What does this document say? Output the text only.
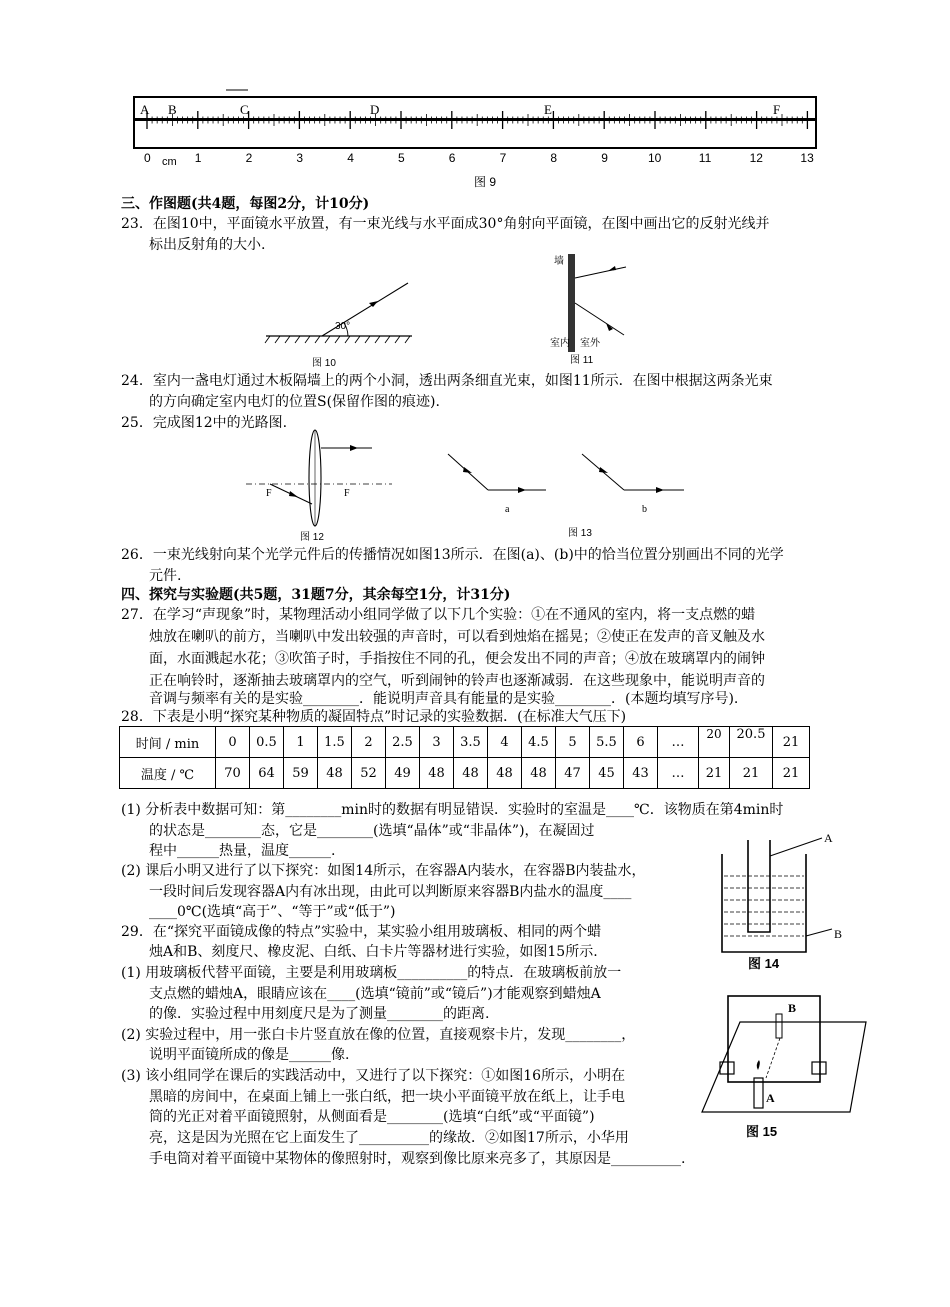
A B	C	D	E	F
0	1	2	3	4	5	6	7	8	9	10	11	12	13
cm
图 9
三、作图题(共4题，每图2分，计10分)
23．在图10中，平面镜水平放置，有一束光线与水平面成30°角射向平面镜，在图中画出它的反射光线并
标出反射角的大小.
30°
图 10
墙
室内 室外
图 11
24．室内一盏电灯通过木板隔墙上的两个小洞，透出两条细直光束，如图11所示．在图中根据这两条光束
的方向确定室内电灯的位置S(保留作图的痕迹).
25．完成图12中的光路图.
F	F
图 12
a	b
图 13
26．一束光线射向某个光学元件后的传播情况如图13所示．在图(a)、(b)中的恰当位置分别画出不同的光学
元件.
四、探究与实验题(共5题，31题7分，其余每空1分，计31分)
27．在学习“声现象”时，某物理活动小组同学做了以下几个实验：①在不通风的室内，将一支点燃的蜡
烛放在喇叭的前方，当喇叭中发出较强的声音时，可以看到烛焰在摇晃；②使正在发声的音叉触及水
面，水面溅起水花；③吹笛子时，手指按住不同的孔，便会发出不同的声音；④放在玻璃罩内的闹钟
正在响铃时，逐渐抽去玻璃罩内的空气，听到闹钟的铃声也逐渐减弱．在这些现象中，能说明声音的
音调与频率有关的是实验________．能说明声音具有能量的是实验________．(本题均填写序号).
28．下表是小明“探究某种物质的凝固特点”时记录的实验数据．(在标准大气压下)
时间 / min	0	0.5	1	1.5	2	2.5	3	3.5	4	4.5	5	5.5	6	…	20	20.5	21
温度 / ℃	70	64	59	48	52	49	48	48	48	48	47	45	43	…	21	21	21
(1) 分析表中数据可知：第________min时的数据有明显错误．实验时的室温是____℃．该物质在第4min时
的状态是________态，它是________(选填“晶体”或“非晶体”)，在凝固过
程中______热量，温度______.
(2) 课后小明又进行了以下探究：如图14所示，在容器A内装水，在容器B内装盐水，
一段时间后发现容器A内有冰出现，由此可以判断原来容器B内盐水的温度____
____0℃(选填“高于”、“等于”或“低于”)
A
B
图 14
29．在“探究平面镜成像的特点”实验中，某实验小组用玻璃板、相同的两个蜡
烛A和B、刻度尺、橡皮泥、白纸、白卡片等器材进行实验，如图15所示.
(1) 用玻璃板代替平面镜，主要是利用玻璃板__________的特点．在玻璃板前放一
支点燃的蜡烛A，眼睛应该在____(选填“镜前”或“镜后”)才能观察到蜡烛A
的像．实验过程中用刻度尺是为了测量________的距离.
(2) 实验过程中，用一张白卡片竖直放在像的位置，直接观察卡片，发现________，
说明平面镜所成的像是______像.
(3) 该小组同学在课后的实践活动中，又进行了以下探究：①如图16所示，小明在
黑暗的房间中，在桌面上铺上一张白纸，把一块小平面镜平放在纸上，让手电
筒的光正对着平面镜照射，从侧面看是________(选填“白纸”或“平面镜”)
亮，这是因为光照在它上面发生了__________的缘故．②如图17所示，小华用
手电筒对着平面镜中某物体的像照射时，观察到像比原来亮多了，其原因是__________.
B
A
图 15
